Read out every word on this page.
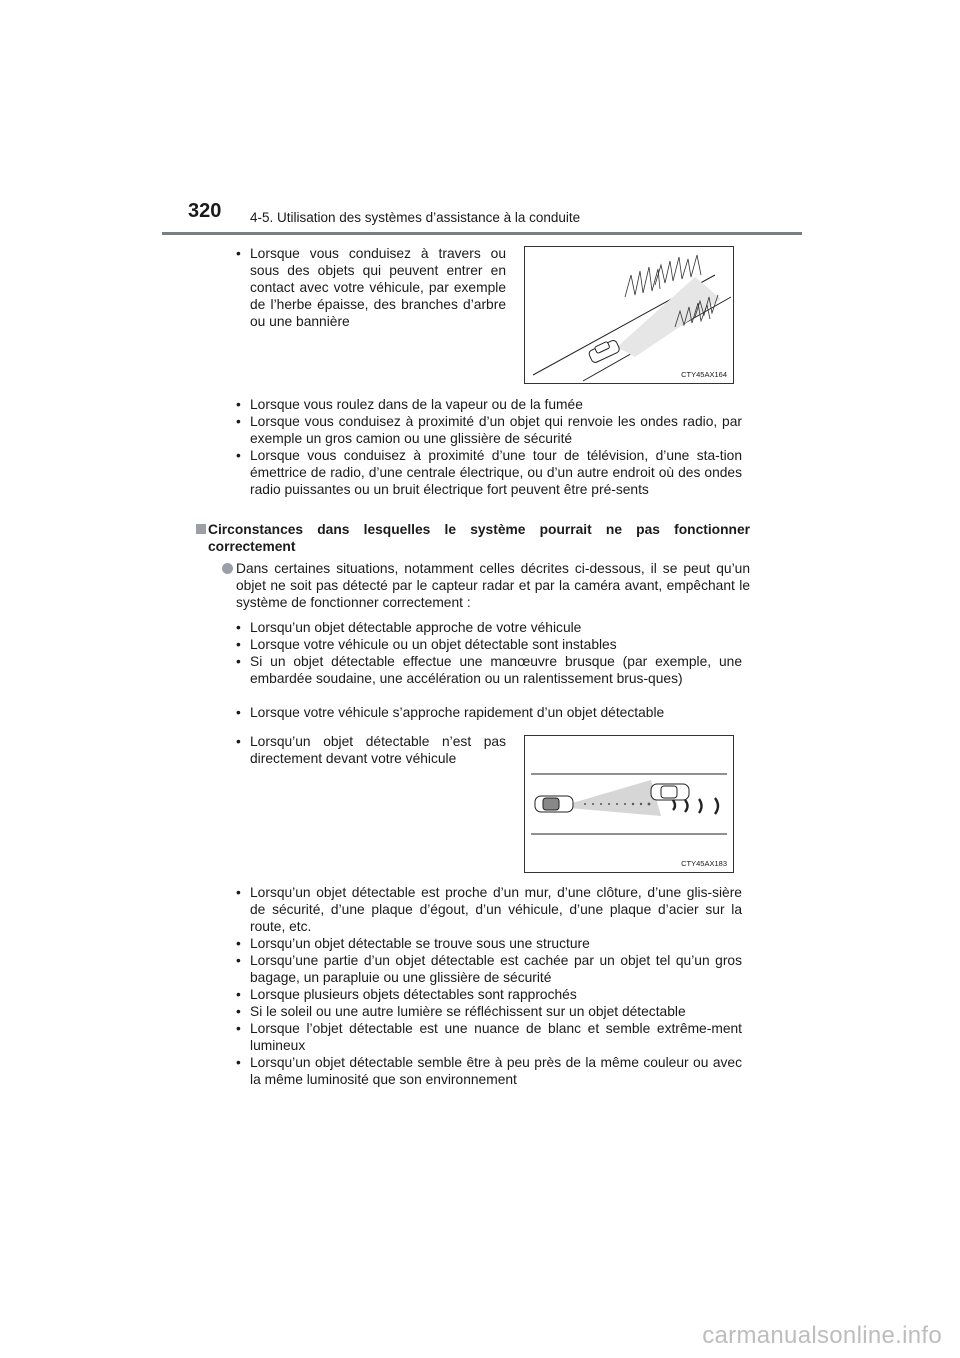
320 4-5. Utilisation des systèmes d’assistance à la conduite
• Lorsque vous conduisez à travers ou sous des objets qui peuvent entrer en contact avec votre véhicule, par exemple de l’herbe épaisse, des branches d’arbre ou une bannière
CTY45AX164
• Lorsque vous roulez dans de la vapeur ou de la fumée
• Lorsque vous conduisez à proximité d’un objet qui renvoie les ondes radio, par exemple un gros camion ou une glissière de sécurité
• Lorsque vous conduisez à proximité d’une tour de télévision, d’une sta-tion émettrice de radio, d’une centrale électrique, ou d’un autre endroit où des ondes radio puissantes ou un bruit électrique fort peuvent être pré-sents
Circonstances dans lesquelles le système pourrait ne pas fonctionner correctement
Dans certaines situations, notamment celles décrites ci-dessous, il se peut qu’un objet ne soit pas détecté par le capteur radar et par la caméra avant, empêchant le système de fonctionner correctement :
• Lorsqu’un objet détectable approche de votre véhicule
• Lorsque votre véhicule ou un objet détectable sont instables
• Si un objet détectable effectue une manœuvre brusque (par exemple, une embardée soudaine, une accélération ou un ralentissement brus-ques)
• Lorsque votre véhicule s’approche rapidement d’un objet détectable
• Lorsqu’un objet détectable n’est pas directement devant votre véhicule
CTY45AX183
• Lorsqu’un objet détectable est proche d’un mur, d’une clôture, d’une glis-sière de sécurité, d’une plaque d’égout, d’un véhicule, d’une plaque d’acier sur la route, etc.
• Lorsqu’un objet détectable se trouve sous une structure
• Lorsqu’une partie d’un objet détectable est cachée par un objet tel qu’un gros bagage, un parapluie ou une glissière de sécurité
• Lorsque plusieurs objets détectables sont rapprochés
• Si le soleil ou une autre lumière se réfléchissent sur un objet détectable
• Lorsque l’objet détectable est une nuance de blanc et semble extrême-ment lumineux
• Lorsqu’un objet détectable semble être à peu près de la même couleur ou avec la même luminosité que son environnement
carmanualsonline.info
